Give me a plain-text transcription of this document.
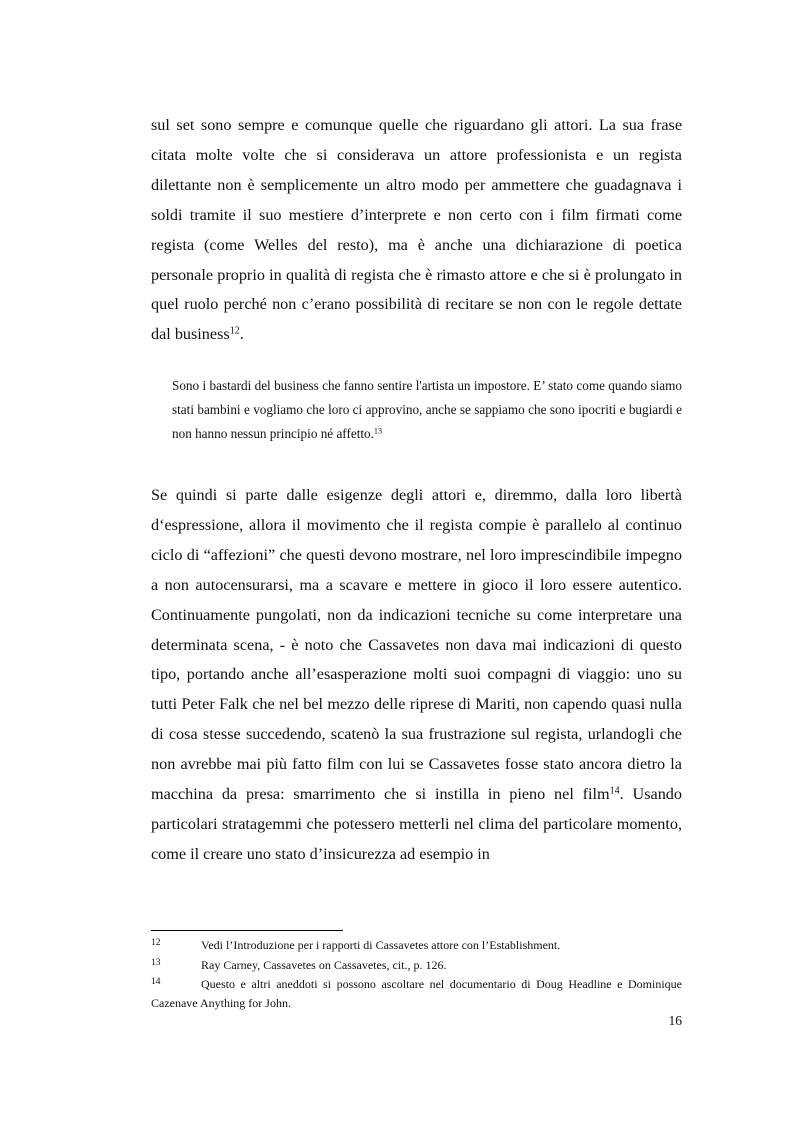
sul set sono sempre e comunque quelle che riguardano gli attori. La sua frase citata molte volte che si considerava un attore professionista e un regista dilettante non è semplicemente un altro modo per ammettere che guadagnava i soldi tramite il suo mestiere d’interprete e non certo con i film firmati come regista (come Welles del resto), ma è anche una dichiarazione di poetica personale proprio in qualità di regista che è rimasto attore e che si è prolungato in quel ruolo perché non c’erano possibilità di recitare se non con le regole dettate dal business$^{12}$.

Sono i bastardi del business che fanno sentire l'artista un impostore. E’ stato come quando siamo stati bambini e vogliamo che loro ci approvino, anche se sappiamo che sono ipocriti e bugiardi e non hanno nessun principio né affetto.$^{13}$

Se quindi si parte dalle esigenze degli attori e, diremmo, dalla loro libertà d‘espressione, allora il movimento che il regista compie è parallelo al continuo ciclo di “affezioni” che questi devono mostrare, nel loro imprescindibile impegno a non autocensurarsi, ma a scavare e mettere in gioco il loro essere autentico. Continuamente pungolati, non da indicazioni tecniche su come interpretare una determinata scena, - è noto che Cassavetes non dava mai indicazioni di questo tipo, portando anche all’esasperazione molti suoi compagni di viaggio: uno su tutti Peter Falk che nel bel mezzo delle riprese di Mariti, non capendo quasi nulla di cosa stesse succedendo, scatenò la sua frustrazione sul regista, urlandogli che non avrebbe mai più fatto film con lui se Cassavetes fosse stato ancora dietro la macchina da presa: smarrimento che si instilla in pieno nel film$^{14}$. Usando particolari stratagemmi che potessero metterli nel clima del particolare momento, come il creare uno stato d’insicurezza ad esempio in

12	Vedi l’Introduzione per i rapporti di Cassavetes attore con l’Establishment.

13	Ray Carney, Cassavetes on Cassavetes, cit., p. 126.

14	Questo e altri aneddoti si possono ascoltare nel documentario di Doug Headline e Dominique Cazenave Anything for John.

16
